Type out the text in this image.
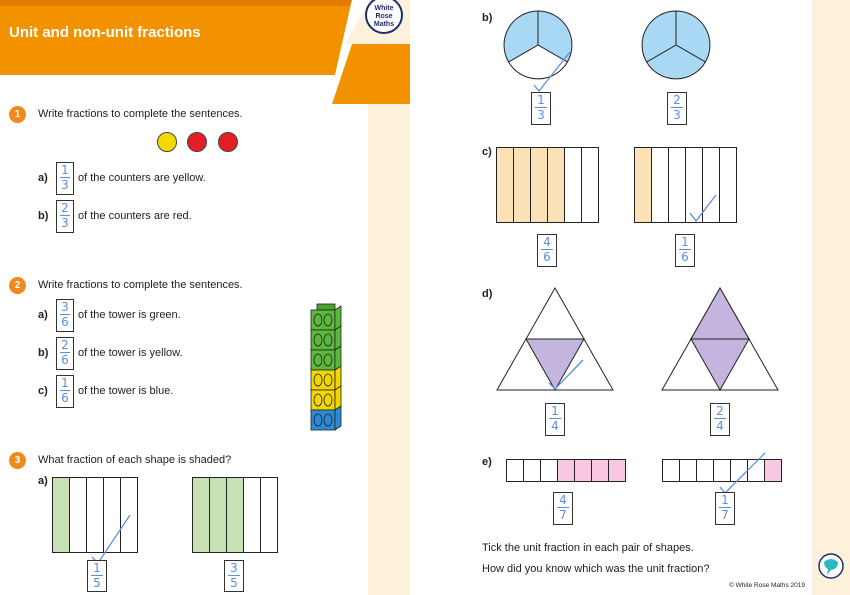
Unit and non-unit fractions
White
Rose
Maths
1	Write fractions to complete the sentences.
a)
1
3 of the counters are yellow.
b)
2
3 of the counters are red.
2	Write fractions to complete the sentences.
a)
3
6 of the tower is green.
b)
2
6 of the tower is yellow.
c)
1
6 of the tower is blue.
3	What fraction of each shape is shaded?
a)
1
5
3
5
b)
1
3
2
3
c)
4
6
1
6
d)
1
4
2
4
e)
4
7
1
7
Tick the unit fraction in each pair of shapes.
How did you know which was the unit fraction?
© White Rose Maths 2019
